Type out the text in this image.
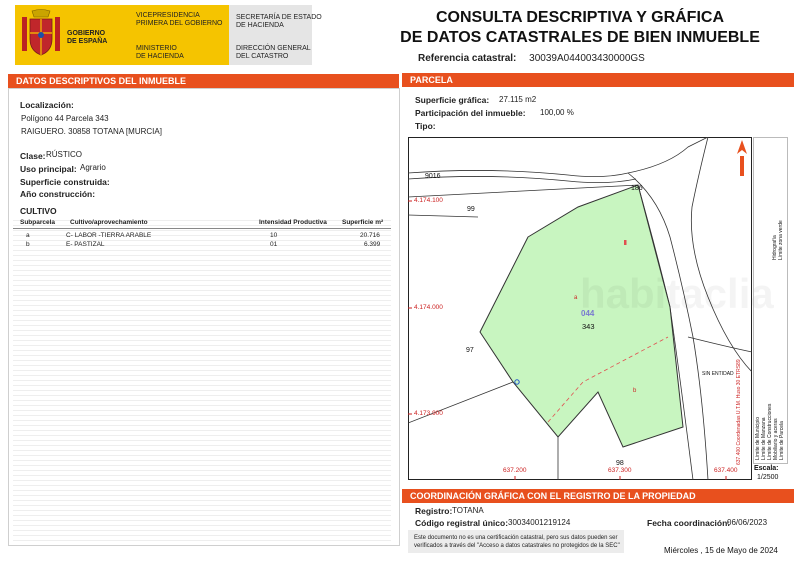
GOBIERNO
DE ESPAÑA
VICEPRESIDENCIA
PRIMERA DEL GOBIERNO
MINISTERIO
DE HACIENDA
SECRETARÍA DE ESTADO
DE HACIENDA
DIRECCIÓN GENERAL
DEL CATASTRO
CONSULTA DESCRIPTIVA Y GRÁFICA
DE DATOS CATASTRALES DE BIEN INMUEBLE
Referencia catastral: 30039A044003430000GS
DATOS DESCRIPTIVOS DEL INMUEBLE
Localización:
Polígono 44 Parcela 343
RAIGUERO. 30858 TOTANA [MURCIA]
Clase: RÚSTICO
Uso principal: Agrario
Superficie construida:
Año construcción:
CULTIVO
Subparcela Cultivo/aprovechamiento	Intensidad Productiva Superficie m²
a	C- LABOR -TIERRA ARABLE	10	20.716
b	E- PASTIZAL	01	6.399
PARCELA
Superficie gráfica: 27.115 m2
Participación del inmueble: 100,00 %
Tipo:
9016
186
99
97
98
044
343
a
b
SIN ENTIDAD
4.174.100
4.174.000
4.173.900
637.200	637.300	637.400
Límite de Municipio Límite de Manzana Límite de Construcciones Mobiliario y aceras Límite de Parcela
637.400 Coordenadas U.T.M. Huso 30 ETRS89
Hidrografía Límite zona verde
Escala:
1/2500
COORDINACIÓN GRÁFICA CON EL REGISTRO DE LA PROPIEDAD
Registro: TOTANA
Código registral único: 30034001219124	Fecha coordinación:
06/06/2023
Este documento no es una certificación catastral, pero sus datos pueden ser
verificados a través del "Acceso a datos catastrales no protegidos de la SEC"	Miércoles , 15 de Mayo de 2024
